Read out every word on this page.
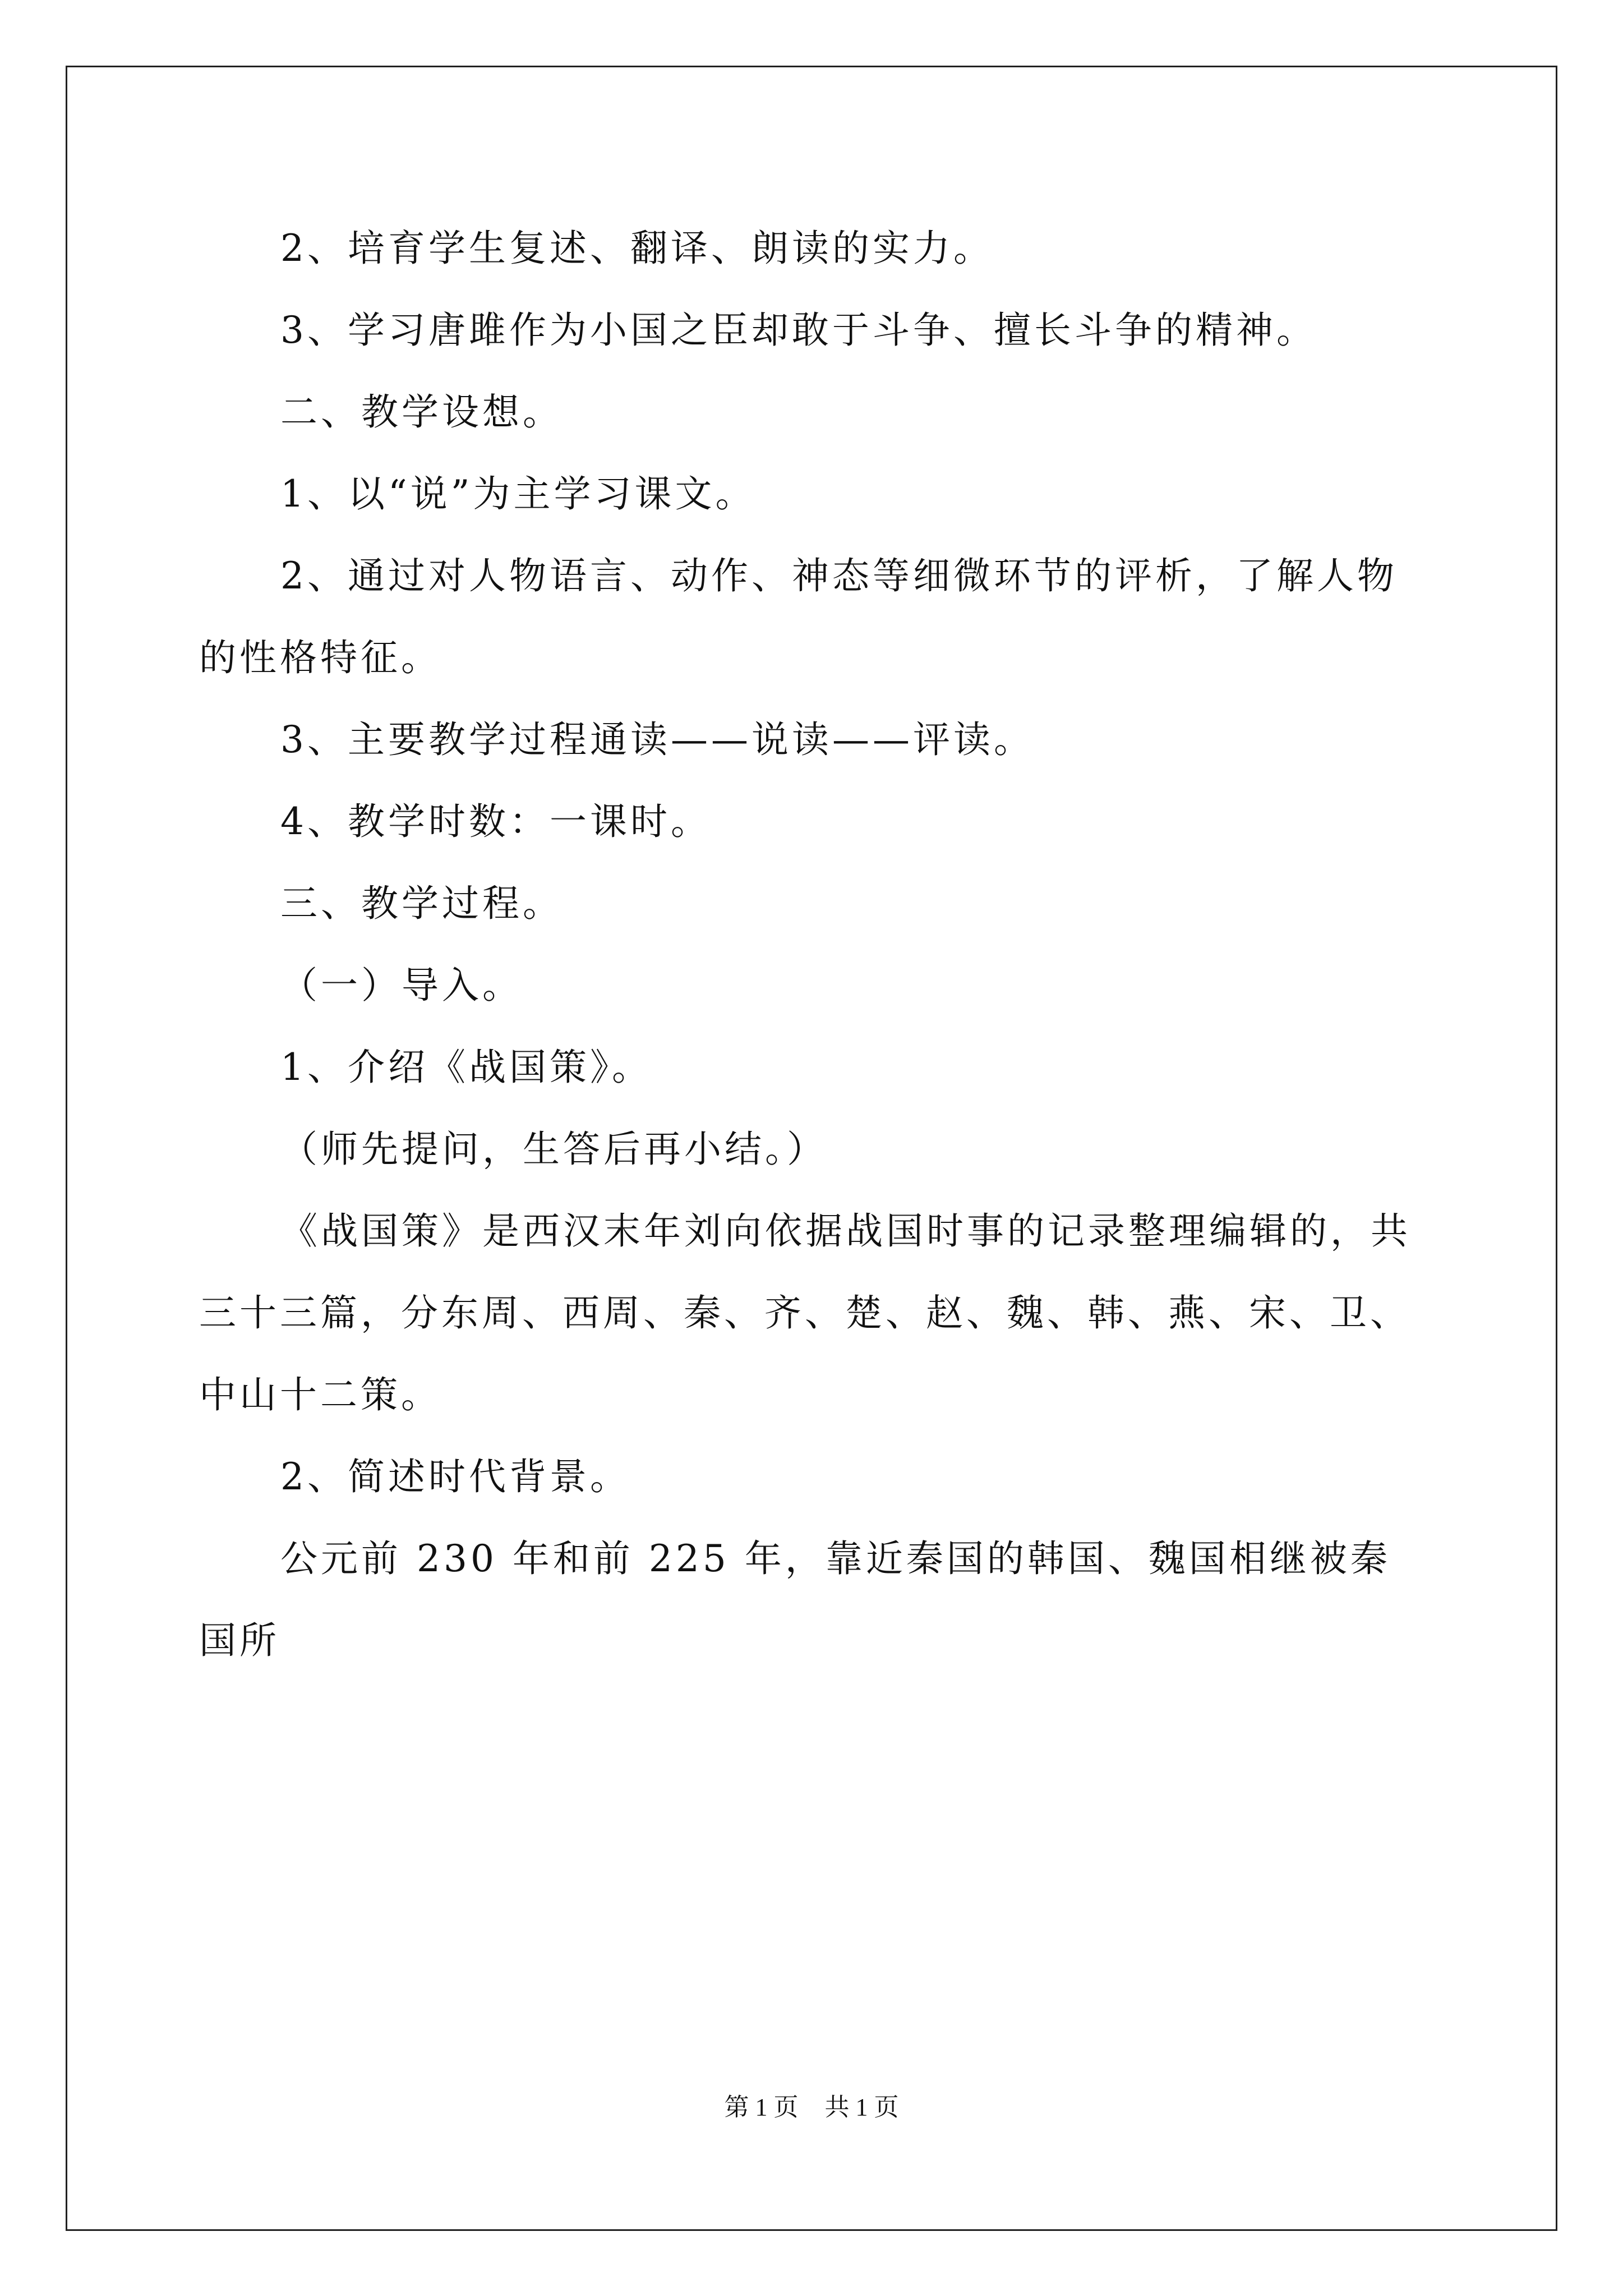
2、培育学生复述、翻译、朗读的实力。

3、学习唐雎作为小国之臣却敢于斗争、擅长斗争的精神。

二、教学设想。

1、以“说”为主学习课文。

2、通过对人物语言、动作、神态等细微环节的评析，了解人物的性格特征。

3、主要教学过程通读——说读——评读。

4、教学时数：一课时。

三、教学过程。

（一）导入。

1、介绍《战国策》。

（师先提问，生答后再小结。）

《战国策》是西汉末年刘向依据战国时事的记录整理编辑的，共三十三篇，分东周、西周、秦、齐、楚、赵、魏、韩、燕、宋、卫、中山十二策。

2、简述时代背景。

公元前 230 年和前 225 年，靠近秦国的韩国、魏国相继被秦国所

第 1 页 共 1 页
